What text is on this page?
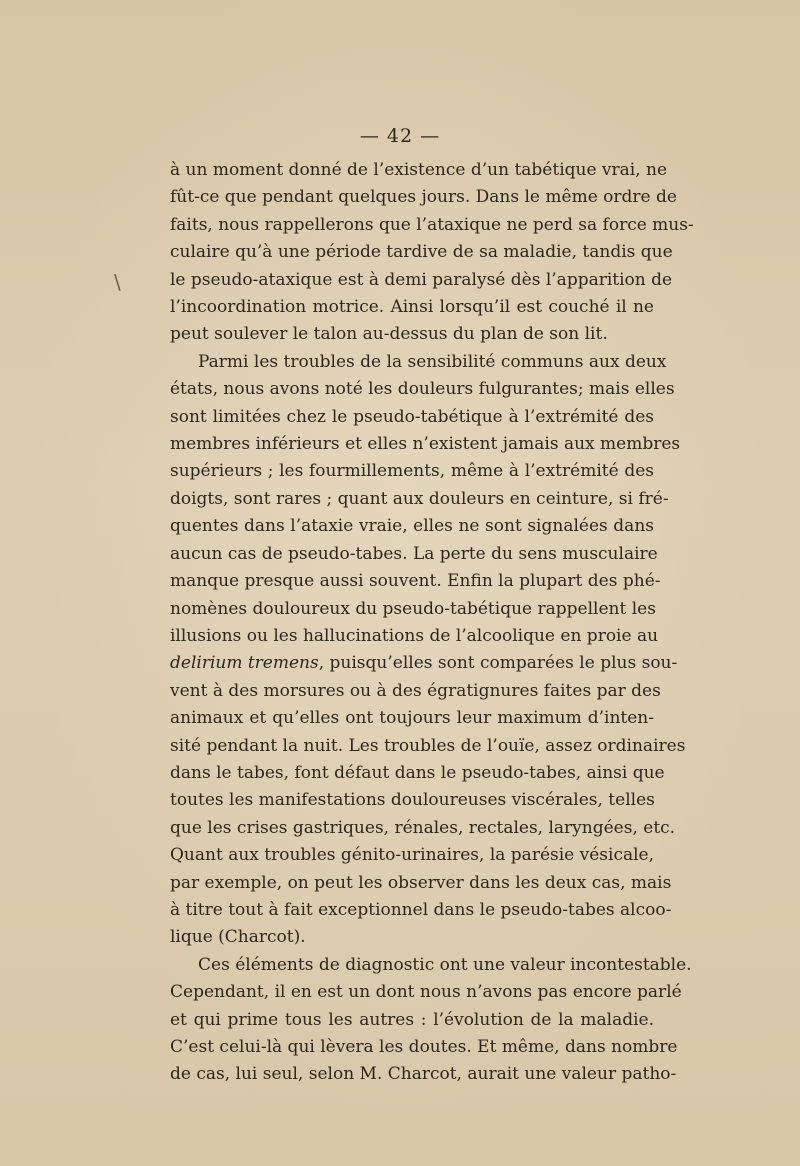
— 42 —
\
à un moment donné de l’existence d’un tabétique vrai, ne
fût-ce que pendant quelques jours. Dans le même ordre de
faits, nous rappellerons que l’ataxique ne perd sa force mus-
culaire qu’à une période tardive de sa maladie, tandis que
le pseudo-ataxique est à demi paralysé dès l’apparition de
l’incoordination motrice. Ainsi lorsqu’il est couché il ne
peut soulever le talon au-dessus du plan de son lit.
Parmi les troubles de la sensibilité communs aux deux
états, nous avons noté les douleurs fulgurantes; mais elles
sont limitées chez le pseudo-tabétique à l’extrémité des
membres inférieurs et elles n’existent jamais aux membres
supérieurs ; les fourmillements, même à l’extrémité des
doigts, sont rares ; quant aux douleurs en ceinture, si fré-
quentes dans l’ataxie vraie, elles ne sont signalées dans
aucun cas de pseudo-tabes. La perte du sens musculaire
manque presque aussi souvent. Enfin la plupart des phé-
nomènes douloureux du pseudo-tabétique rappellent les
illusions ou les hallucinations de l’alcoolique en proie au
delirium tremens, puisqu’elles sont comparées le plus sou-
vent à des morsures ou à des égratignures faites par des
animaux et qu’elles ont toujours leur maximum d’inten-
sité pendant la nuit. Les troubles de l’ouïe, assez ordinaires
dans le tabes, font défaut dans le pseudo-tabes, ainsi que
toutes les manifestations douloureuses viscérales, telles
que les crises gastriques, rénales, rectales, laryngées, etc.
Quant aux troubles génito-urinaires, la parésie vésicale,
par exemple, on peut les observer dans les deux cas, mais
à titre tout à fait exceptionnel dans le pseudo-tabes alcoo-
lique (Charcot).
Ces éléments de diagnostic ont une valeur incontestable.
Cependant, il en est un dont nous n’avons pas encore parlé
et qui prime tous les autres : l’évolution de la maladie.
C’est celui-là qui lèvera les doutes. Et même, dans nombre
de cas, lui seul, selon M. Charcot, aurait une valeur patho-
